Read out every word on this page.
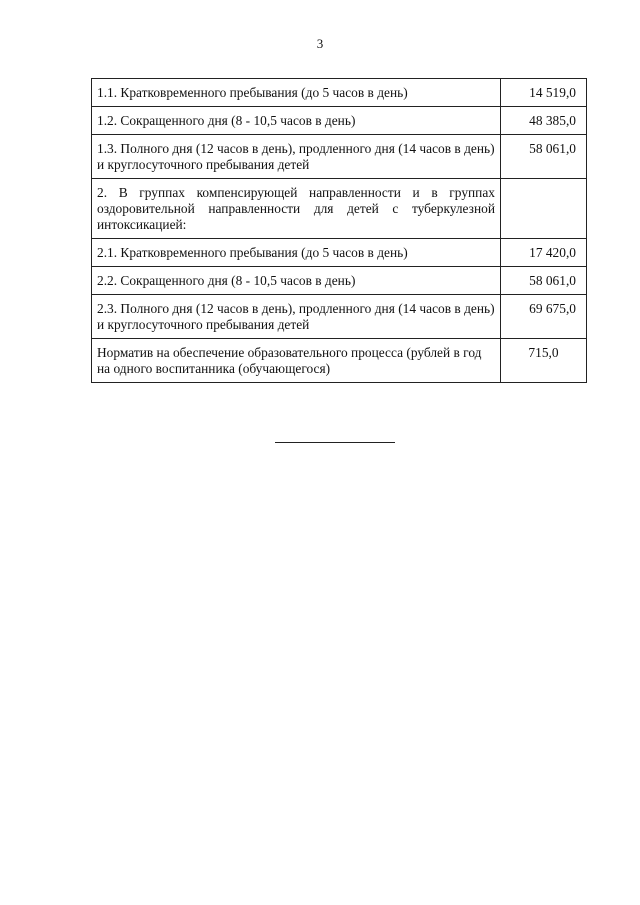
3
1.1. Кратковременного пребывания (до 5 часов в день)	14 519,0
1.2. Сокращенного дня (8 - 10,5 часов в день)	48 385,0
1.3. Полного дня (12 часов в день), продленного дня (14 часов в день) и круглосуточного пребывания детей	58 061,0
2. В группах компенсирующей направленности и в группах оздоровительной направленности для детей с туберкулезной интоксикацией:	
2.1. Кратковременного пребывания (до 5 часов в день)	17 420,0
2.2. Сокращенного дня (8 - 10,5 часов в день)	58 061,0
2.3. Полного дня (12 часов в день), продленного дня (14 часов в день) и круглосуточного пребывания детей	69 675,0
Норматив на обеспечение образовательного процесса (рублей в год на одного воспитанника (обучающегося)	715,0
